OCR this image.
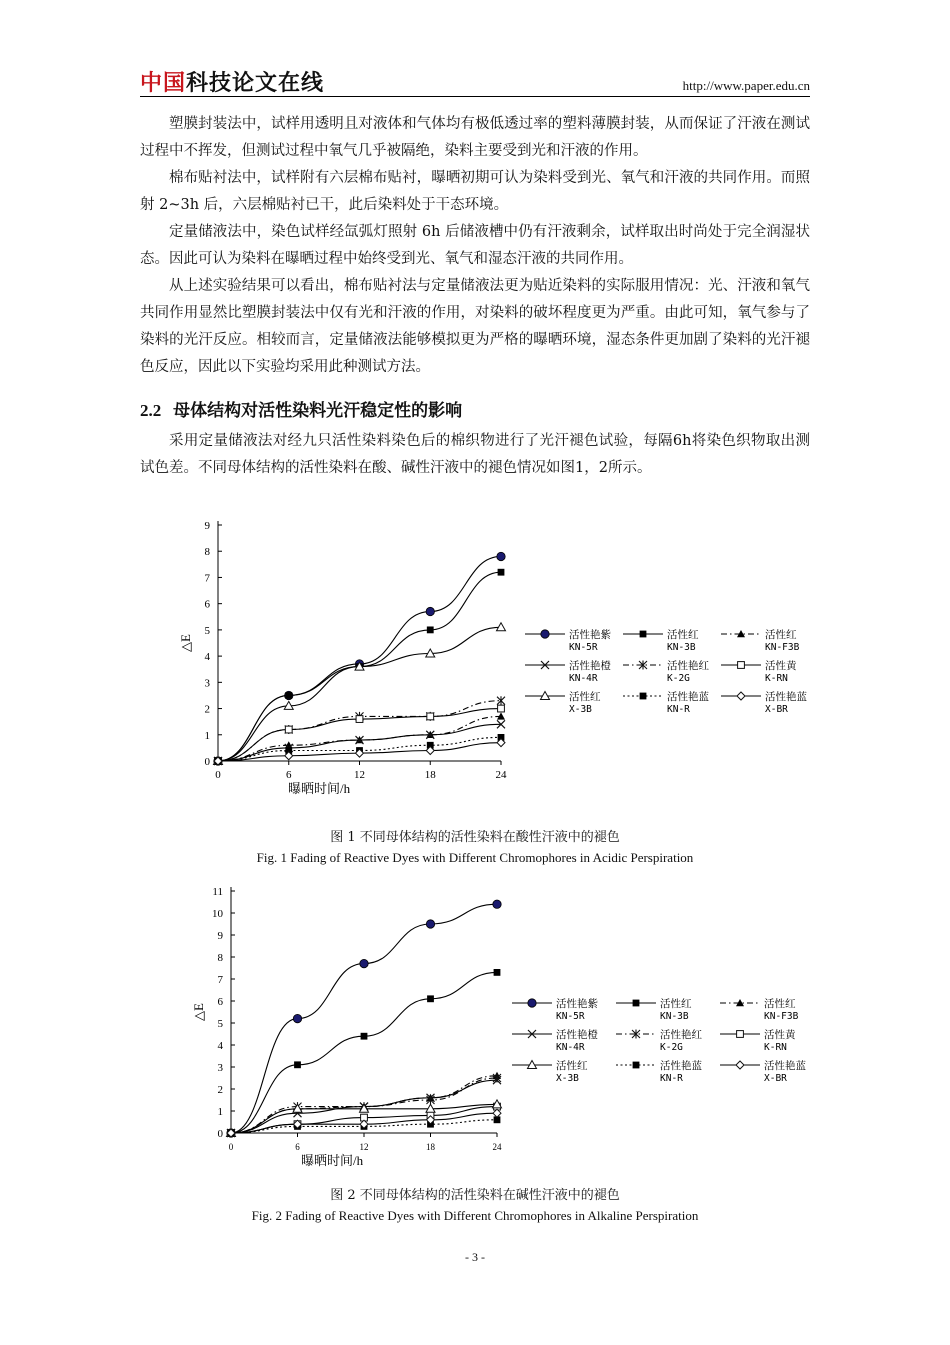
中国科技论文在线	http://www.paper.edu.cn

塑膜封装法中，试样用透明且对液体和气体均有极低透过率的塑料薄膜封装，从而保证了汗液在测试过程中不挥发，但测试过程中氧气几乎被隔绝，染料主要受到光和汗液的作用。

棉布贴衬法中，试样附有六层棉布贴衬，曝晒初期可认为染料受到光、氧气和汗液的共同作用。而照射 2~3h 后，六层棉贴衬已干，此后染料处于干态环境。

定量储液法中，染色试样经氙弧灯照射 6h 后储液槽中仍有汗液剩余，试样取出时尚处于完全润湿状态。因此可认为染料在曝晒过程中始终受到光、氧气和湿态汗液的共同作用。

从上述实验结果可以看出，棉布贴衬法与定量储液法更为贴近染料的实际服用情况：光、汗液和氧气共同作用显然比塑膜封装法中仅有光和汗液的作用，对染料的破坏程度更为严重。由此可知，氧气参与了染料的光汗反应。相较而言，定量储液法能够模拟更为严格的曝晒环境，湿态条件更加剧了染料的光汗褪色反应，因此以下实验均采用此种测试方法。

2.2 母体结构对活性染料光汗稳定性的影响

采用定量储液法对经九只活性染料染色后的棉织物进行了光汗褪色试验，每隔6h将染色织物取出测试色差。不同母体结构的活性染料在酸、碱性汗液中的褪色情况如图1，2所示。

0
1
2
3
4
5
6
7
8
9
0	6	12	18	24
曝晒时间/h
△E	活性艳紫
KN-5R
活性红
KN-3B
活性红
KN-F3B
活性艳橙
KN-4R
活性艳红
K-2G
活性黄
K-RN
活性红
X-3B
活性艳蓝
KN-R
活性艳蓝
X-BR
图 1 不同母体结构的活性染料在酸性汗液中的褪色
Fig. 1 Fading of Reactive Dyes with Different Chromophores in Acidic Perspiration
0
1
2
3
4
5
6
7
8
9
10
11
0	6	12	18	24
曝晒时间/h
△E	活性艳紫
KN-5R
活性红
KN-3B
活性红
KN-F3B
活性艳橙
KN-4R
活性艳红
K-2G
活性黄
K-RN
活性红
X-3B
活性艳蓝
KN-R
活性艳蓝
X-BR
图 2 不同母体结构的活性染料在碱性汗液中的褪色
Fig. 2 Fading of Reactive Dyes with Different Chromophores in Alkaline Perspiration
- 3 -
